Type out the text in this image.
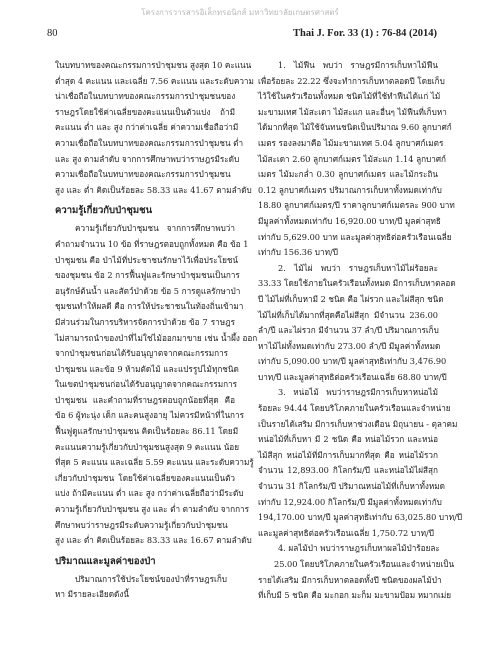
โครงการวารสารอิเล็กทรอนิกส์ มหาวิทยาลัยเกษตรศาสตร์
80	Thai J. For. 33 (1) : 76-84 (2014)
ในบทบาทของคณะกรรมการป่าชุมชน สูงสุด 10 คะแนน
ต่ำสุด 4 คะแนน และเฉลี่ย 7.56 คะแนน และระดับความ
น่าเชื่อถือในบทบาทของคณะกรรมการป่าชุมชนของ
ราษฎรโดยใช้ค่าเฉลี่ยของคะแนนเป็นตัวแบ่ง ถ้ามี
คะแนน ต่ำ และ สูง กว่าค่าเฉลี่ย ค่าความเชื่อถือว่ามี
ความเชื่อถือในบทบาทของคณะกรรมการป่าชุมชน ต่ำ
และ สูง ตามลำดับ จากการศึกษาพบว่าราษฎรมีระดับ
ความเชื่อถือในบทบาทของคณะกรรมการป่าชุมชน
สูง และ ต่ำ คิดเป็นร้อยละ 58.33 และ 41.67 ตามลำดับ
ความรู้เกี่ยวกับป่าชุมชน
ความรู้เกี่ยวกับป่าชุมชน จากการศึกษาพบว่า
คำถามจำนวน 10 ข้อ ที่ราษฎรตอบถูกทั้งหมด คือ ข้อ 1
ป่าชุมชน คือ ป่าไม้ที่ประชาชนรักษาไว้เพื่อประโยชน์
ของชุมชน ข้อ 2 การฟื้นฟูและรักษาป่าชุมชนเป็นการ
อนุรักษ์ต้นน้ำ และสัตว์ป่าด้วย ข้อ 5 การดูแลรักษาป่า
ชุมชนทำให้ผลดี คือ การให้ประชาชนในท้องถิ่นเข้ามา
มีส่วนร่วมในการบริหารจัดการป่าด้วย ข้อ 7 ราษฎร
ไม่สามารถนำของป่าที่ไม่ใช่ไม้ออกมาขาย เช่น น้ำผึ้ง ออก
จากป่าชุมชนก่อนได้รับอนุญาตจากคณะกรรมการ
ป่าชุมชน และข้อ 9 ห้ามตัดไม้ และแปรรูปไม้ทุกชนิด
ในเขตป่าชุมชนก่อนได้รับอนุญาตจากคณะกรรมการ
ป่าชุมชน และคำถามที่ราษฎรตอบถูกน้อยที่สุด คือ
ข้อ 6 ผู้ทะนุ่ง เด็ก และคนสูงอายุ ไม่ควรมีหน้าที่ในการ
ฟื้นฟูดูแลรักษาป่าชุมชน คิดเป็นร้อยละ 86.11 โดยมี
คะแนนความรู้เกี่ยวกับป่าชุมชนสูงสุด 9 คะแนน น้อย
ที่สุด 5 คะแนน และเฉลี่ย 5.59 คะแนน และระดับความรู้
เกี่ยวกับป่าชุมชน โดยใช้ค่าเฉลี่ยของคะแนนเป็นตัว
แบ่ง ถ้ามีคะแนน ต่ำ และ สูง กว่าค่าเฉลี่ยถือว่ามีระดับ
ความรู้เกี่ยวกับป่าชุมชน สูง และ ต่ำ ตามลำดับ จากการ
ศึกษาพบว่าราษฎรมีระดับความรู้เกี่ยวกับป่าชุมชน
สูง และ ต่ำ คิดเป็นร้อยละ 83.33 และ 16.67 ตามลำดับ
ปริมาณและมูลค่าของป่า
ปริมาณการใช้ประโยชน์ของป่าที่ราษฎรเก็บ
หา มีรายละเอียดดังนี้
1. ไม้ฟืน พบว่า ราษฎรมีการเก็บหาไม้ฟืน
เพื่อร้อยละ 22.22 ซึ่งจะทำการเก็บหาตลอดปี โดยเก็บ
ไว้ใช้ในครัวเรือนทั้งหมด ชนิดไม้ที่ใช้ทำฟืนได้แก่ ไม้
มะขามเทศ ไม้สะเดา ไม้สะแก และอื่นๆ ไม้ฟืนที่เก็บหา
ได้มากที่สุด ไม้ใช้จันทนชนิดเป็นปริมาณ 9.60 ลูกบาศก์
เมตร รองลงมาคือ ไม้มะขามเทศ 5.04 ลูกบาศก์เมตร
ไม้สะเดา 2.60 ลูกบาศก์เมตร ไม้สะแก 1.14 ลูกบาศก์
เมตร ไม้มะกล่ำ 0.30 ลูกบาศก์เมตร และไม้กระถิน
0.12 ลูกบาศก์เมตร ปริมาณการเก็บหาทั้งหมดเท่ากับ
18.80 ลูกบาศก์เมตร/ปี ราคาลูกบาศก์เมตรละ 900 บาท
มีมูลค่าทั้งหมดเท่ากับ 16,920.00 บาท/ปี มูลค่าสุทธิ
เท่ากับ 5,629.00 บาท และมูลค่าสุทธิต่อครัวเรือนเฉลี่ย
เท่ากับ 156.36 บาท/ปี
2. ไม้ไผ่ พบว่า ราษฎรเก็บหาไม้ไผ่ร้อยละ
33.33 โดยใช้ภายในครัวเรือนทั้งหมด มีการเก็บหาตลอด
ปี ไม้ไผ่ที่เก็บหามี 2 ชนิด คือ ไผ่รวก และไผ่สีสุก ชนิด
ไม้ไผ่ที่เก็บได้มากที่สุดคือไผ่สีสุก มีจำนวน 236.00
ลำ/ปี และไผ่รวก มีจำนวน 37 ลำ/ปี ปริมาณการเก็บ
หาไม้ไผ่ทั้งหมดเท่ากับ 273.00 ลำ/ปี มีมูลค่าทั้งหมด
เท่ากับ 5,090.00 บาท/ปี มูลค่าสุทธิเท่ากับ 3,476.90
บาท/ปี และมูลค่าสุทธิต่อครัวเรือนเฉลี่ย 68.80 บาท/ปี
3. หน่อไม้ พบว่าราษฎรมีการเก็บหาหน่อไม้
ร้อยละ 94.44 โดยบริโภคภายในครัวเรือนและจำหน่าย
เป็นรายได้เสริม มีการเก็บหาช่วงเดือน มิถุนายน - ตุลาคม
หน่อไม้ที่เก็บหา มี 2 ชนิด คือ หน่อไม้รวก และหน่อ
ไม้สีสุก หน่อไม้ที่มีการเก็บมากที่สุด คือ หน่อไม้รวก
จำนวน 12,893.00 กิโลกรัม/ปี และหน่อไม้ไผ่สีสุก
จำนวน 31 กิโลกรัม/ปี ปริมาณหน่อไม้ที่เก็บหาทั้งหมด
เท่ากับ 12,924.00 กิโลกรัม/ปี มีมูลค่าทั้งหมดเท่ากับ
194,170.00 บาท/ปี มูลค่าสุทธิเท่ากับ 63,025.80 บาท/ปี
และมูลค่าสุทธิต่อครัวเรือนเฉลี่ย 1,750.72 บาท/ปี
4. ผลไม้ป่า พบว่าราษฎรเก็บหาผลไม้ป่าร้อยละ
25.00 โดยบริโภคภายในครัวเรือนและจำหน่ายเป็น
รายได้เสริม มีการเก็บหาตลอดทั้งปี ชนิดของผลไม้ป่า
ที่เก็บมี 5 ชนิด คือ มะกอก มะก็ม มะขามป้อม หมากเม่ย
